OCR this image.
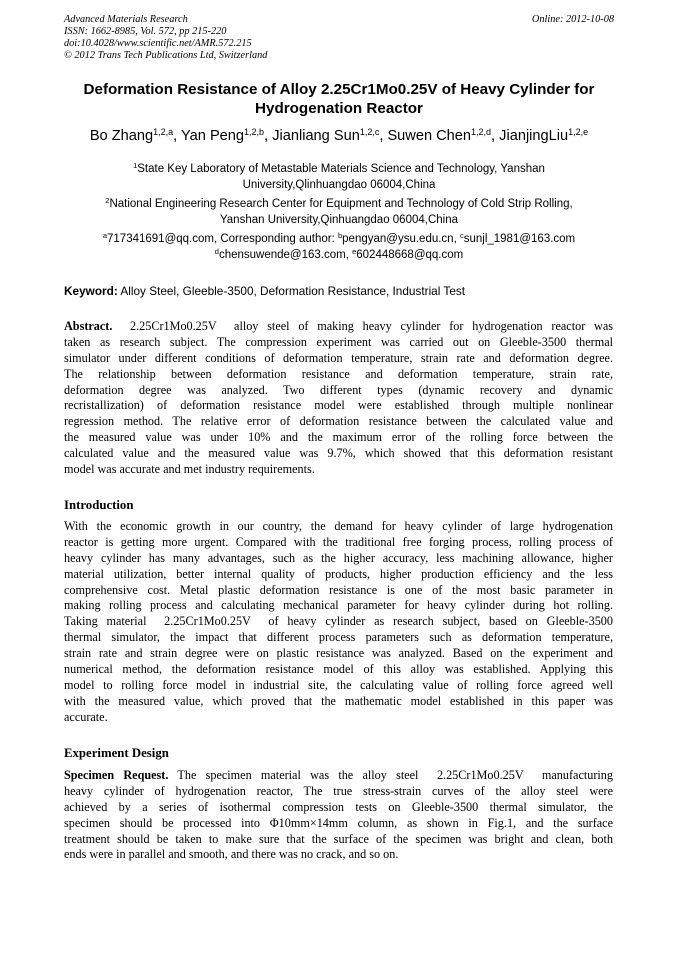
Advanced Materials Research
ISSN: 1662-8985, Vol. 572, pp 215-220
doi:10.4028/www.scientific.net/AMR.572.215
© 2012 Trans Tech Publications Ltd, Switzerland
Online: 2012-10-08
Deformation Resistance of Alloy 2.25Cr1Mo0.25V of Heavy Cylinder for
Hydrogenation Reactor
Bo Zhang$^{1,2,a}$, Yan Peng$^{1,2,b}$, Jianliang Sun$^{1,2,c}$, Suwen Chen$^{1,2,d}$, JianjingLiu$^{1,2,e}$
$^1$State Key Laboratory of Metastable Materials Science and Technology, Yanshan
University,Qlinhuangdao 06004,China
$^2$National Engineering Research Center for Equipment and Technology of Cold Strip Rolling,
Yanshan University,Qinhuangdao 06004,China
$^a$717341691@qq.com, Corresponding author: $^b$pengyan@ysu.edu.cn, $^c$sunjl_1981@163.com
$^d$chensuwende@163.com, $^e$602448668@qq.com
Keyword: Alloy Steel, Gleeble-3500, Deformation Resistance, Industrial Test
Abstract.  2.25Cr1Mo0.25V  alloy steel of making heavy cylinder for hydrogenation reactor was
taken as research subject. The compression experiment was carried out on Gleeble-3500 thermal
simulator under different conditions of deformation temperature, strain rate and deformation degree.
The relationship between deformation resistance and deformation temperature, strain rate,
deformation degree was analyzed. Two different types (dynamic recovery and dynamic
recristallization) of deformation resistance model were established through multiple nonlinear
regression method. The relative error of deformation resistance between the calculated value and
the measured value was under 10% and the maximum error of the rolling force between the
calculated value and the measured value was 9.7%, which showed that this deformation resistant
model was accurate and met industry requirements.
Introduction
With the economic growth in our country, the demand for heavy cylinder of large hydrogenation
reactor is getting more urgent. Compared with the traditional free forging process, rolling process of
heavy cylinder has many advantages, such as the higher accuracy, less machining allowance, higher
material utilization, better internal quality of products, higher production efficiency and the less
comprehensive cost. Metal plastic deformation resistance is one of the most basic parameter in
making rolling process and calculating mechanical parameter for heavy cylinder during hot rolling.
Taking material  2.25Cr1Mo0.25V  of heavy cylinder as research subject, based on Gleeble-3500
thermal simulator, the impact that different process parameters such as deformation temperature,
strain rate and strain degree were on plastic resistance was analyzed. Based on the experiment and
numerical method, the deformation resistance model of this alloy was established. Applying this
model to rolling force model in industrial site, the calculating value of rolling force agreed well
with the measured value, which proved that the mathematic model established in this paper was
accurate.
Experiment Design
Specimen Request. The specimen material was the alloy steel  2.25Cr1Mo0.25V  manufacturing
heavy cylinder of hydrogenation reactor, The true stress-strain curves of the alloy steel were
achieved by a series of isothermal compression tests on Gleeble-3500 thermal simulator, the
specimen should be processed into Φ10mm×14mm column, as shown in Fig.1, and the surface
treatment should be taken to make sure that the surface of the specimen was bright and clean, both
ends were in parallel and smooth, and there was no crack, and so on.
